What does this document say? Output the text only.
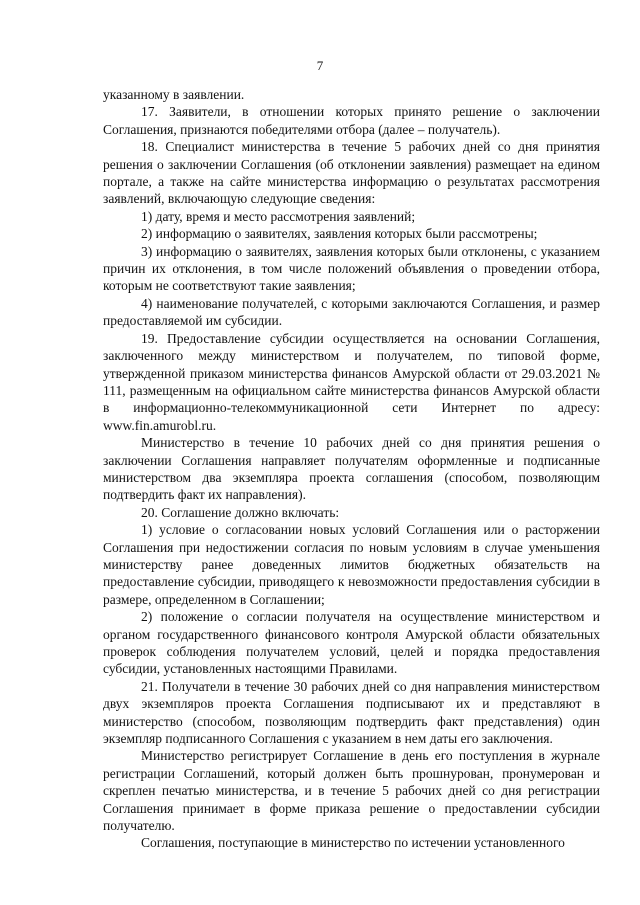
7

указанному в заявлении.

17. Заявители, в отношении которых принято решение о заключении Соглашения, признаются победителями отбора (далее – получатель).

18. Специалист министерства в течение 5 рабочих дней со дня принятия решения о заключении Соглашения (об отклонении заявления) размещает на едином портале, а также на сайте министерства информацию о результатах рассмотрения заявлений, включающую следующие сведения:

1) дату, время и место рассмотрения заявлений;

2) информацию о заявителях, заявления которых были рассмотрены;

3) информацию о заявителях, заявления которых были отклонены, с указанием причин их отклонения, в том числе положений объявления о проведении отбора, которым не соответствуют такие заявления;

4) наименование получателей, с которыми заключаются Соглашения, и размер предоставляемой им субсидии.

19. Предоставление субсидии осуществляется на основании Соглашения, заключенного между министерством и получателем, по типовой форме, утвержденной приказом министерства финансов Амурской области от 29.03.2021 № 111, размещенным на официальном сайте министерства финансов Амурской области в информационно-телекоммуникационной сети Интернет по адресу: www.fin.amurobl.ru.

Министерство в течение 10 рабочих дней со дня принятия решения о заключении Соглашения направляет получателям оформленные и подписанные министерством два экземпляра проекта соглашения (способом, позволяющим подтвердить факт их направления).

20. Соглашение должно включать:

1) условие о согласовании новых условий Соглашения или о расторжении Соглашения при недостижении согласия по новым условиям в случае уменьшения министерству ранее доведенных лимитов бюджетных обязательств на предоставление субсидии, приводящего к невозможности предоставления субсидии в размере, определенном в Соглашении;

2) положение о согласии получателя на осуществление министерством и органом государственного финансового контроля Амурской области обязательных проверок соблюдения получателем условий, целей и порядка предоставления субсидии, установленных настоящими Правилами.

21. Получатели в течение 30 рабочих дней со дня направления министерством двух экземпляров проекта Соглашения подписывают их и представляют в министерство (способом, позволяющим подтвердить факт представления) один экземпляр подписанного Соглашения с указанием в нем даты его заключения.

Министерство регистрирует Соглашение в день его поступления в журнале регистрации Соглашений, который должен быть прошнурован, пронумерован и скреплен печатью министерства, и в течение 5 рабочих дней со дня регистрации Соглашения принимает в форме приказа решение о предоставлении субсидии получателю.

Соглашения, поступающие в министерство по истечении установленного
